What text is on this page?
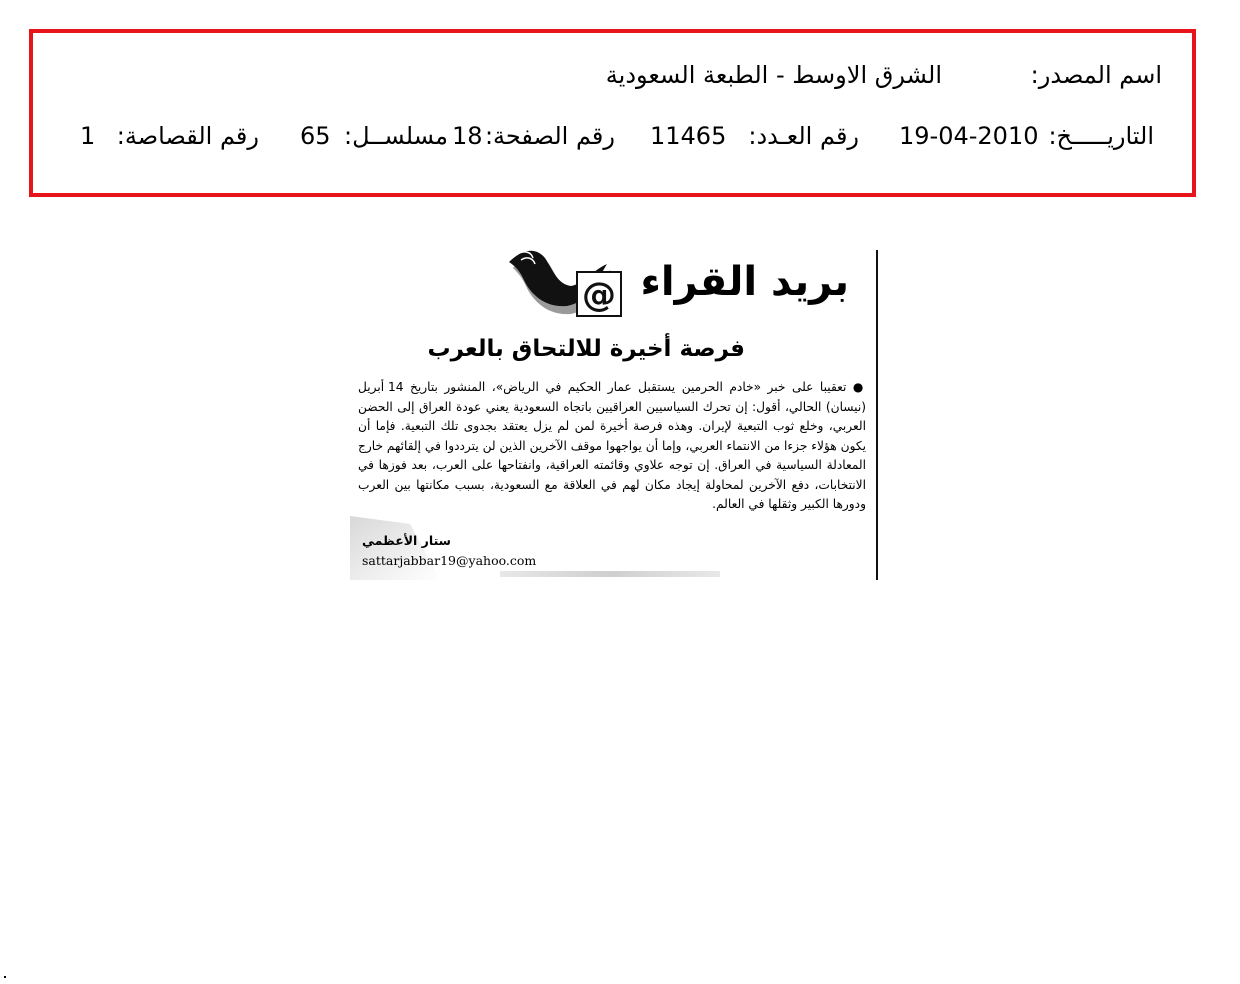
اسم المصدر:
الشرق الاوسط - الطبعة السعودية
التاريـــــخ:
19-04-2010
رقم العـدد:
11465
رقم الصفحة:
18
مسلســل:
65
رقم القصاصة:
1
بريد القراء
@
فرصة أخيرة للالتحاق بالعرب
● تعقيبا على خبر «خادم الحرمين يستقبل عمار الحكيم في الرياض»، المنشور بتاريخ 14 أبريل (نيسان) الحالي، أقول: إن تحرك السياسيين العراقيين باتجاه السعودية يعني عودة العراق إلى الحضن العربي، وخلع ثوب التبعية لإيران. وهذه فرصة أخيرة لمن لم يزل يعتقد بجدوى تلك التبعية. فإما أن يكون هؤلاء جزءا من الانتماء العربي، وإما أن يواجهوا موقف الآخرين الذين لن يترددوا في إلقائهم خارج المعادلة السياسية في العراق. إن توجه علاوي وقائمته العراقية، وانفتاحها على العرب، بعد فوزها في الانتخابات، دفع الآخرين لمحاولة إيجاد مكان لهم في العلاقة مع السعودية، بسبب مكانتها بين العرب ودورها الكبير وثقلها في العالم.
ستار الأعظمي
sattarjabbar19@yahoo.com
